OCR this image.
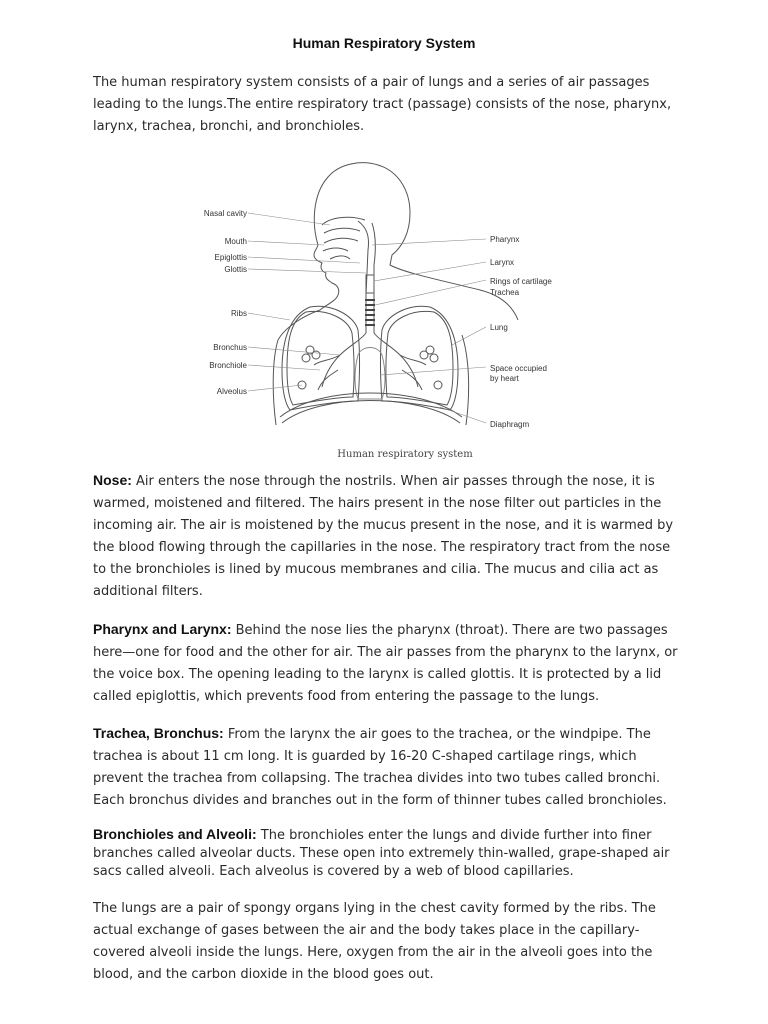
Human Respiratory System

The human respiratory system consists of a pair of lungs and a series of air passages leading to the lungs.The entire respiratory tract (passage) consists of the nose, pharynx, larynx, trachea, bronchi, and bronchioles.

Nasal cavity
Mouth
Epiglottis
Glottis
Ribs
Bronchus
Bronchiole
Alveolus
Pharynx
Larynx
Rings of cartilage
Trachea
Lung
Space occupied
by heart
Diaphragm
Human respiratory system

Nose: Air enters the nose through the nostrils. When air passes through the nose, it is warmed, moistened and filtered. The hairs present in the nose filter out particles in the incoming air. The air is moistened by the mucus present in the nose, and it is warmed by the blood flowing through the capillaries in the nose. The respiratory tract from the nose to the bronchioles is lined by mucous membranes and cilia. The mucus and cilia act as additional filters.

Pharynx and Larynx: Behind the nose lies the pharynx (throat). There are two passages here—one for food and the other for air. The air passes from the pharynx to the larynx, or the voice box. The opening leading to the larynx is called glottis. It is protected by a lid called epiglottis, which prevents food from entering the passage to the lungs.

Trachea, Bronchus: From the larynx the air goes to the trachea, or the windpipe. The trachea is about 11 cm long. It is guarded by 16-20 C-shaped cartilage rings, which prevent the trachea from collapsing. The trachea divides into two tubes called bronchi. Each bronchus divides and branches out in the form of thinner tubes called bronchioles.

Bronchioles and Alveoli: The bronchioles enter the lungs and divide further into finer branches called alveolar ducts. These open into extremely thin-walled, grape-shaped air sacs called alveoli. Each alveolus is covered by a web of blood capillaries.

The lungs are a pair of spongy organs lying in the chest cavity formed by the ribs. The actual exchange of gases between the air and the body takes place in the capillary-covered alveoli inside the lungs. Here, oxygen from the air in the alveoli goes into the blood, and the carbon dioxide in the blood goes out.
